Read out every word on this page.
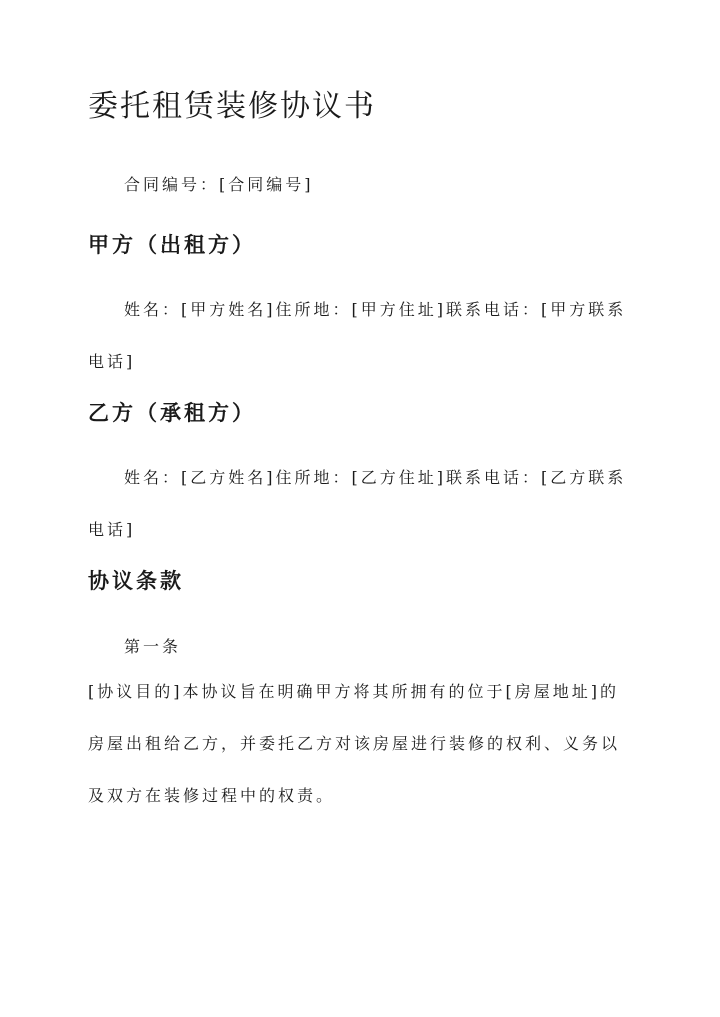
委托租赁装修协议书

合同编号：[合同编号]

甲方（出租方）

姓名：[甲方姓名]住所地：[甲方住址]联系电话：[甲方联系电话]

乙方（承租方）

姓名：[乙方姓名]住所地：[乙方住址]联系电话：[乙方联系电话]

协议条款

第一条

[协议目的]本协议旨在明确甲方将其所拥有的位于[房屋地址]的房屋出租给乙方，并委托乙方对该房屋进行装修的权利、义务以及双方在装修过程中的权责。
